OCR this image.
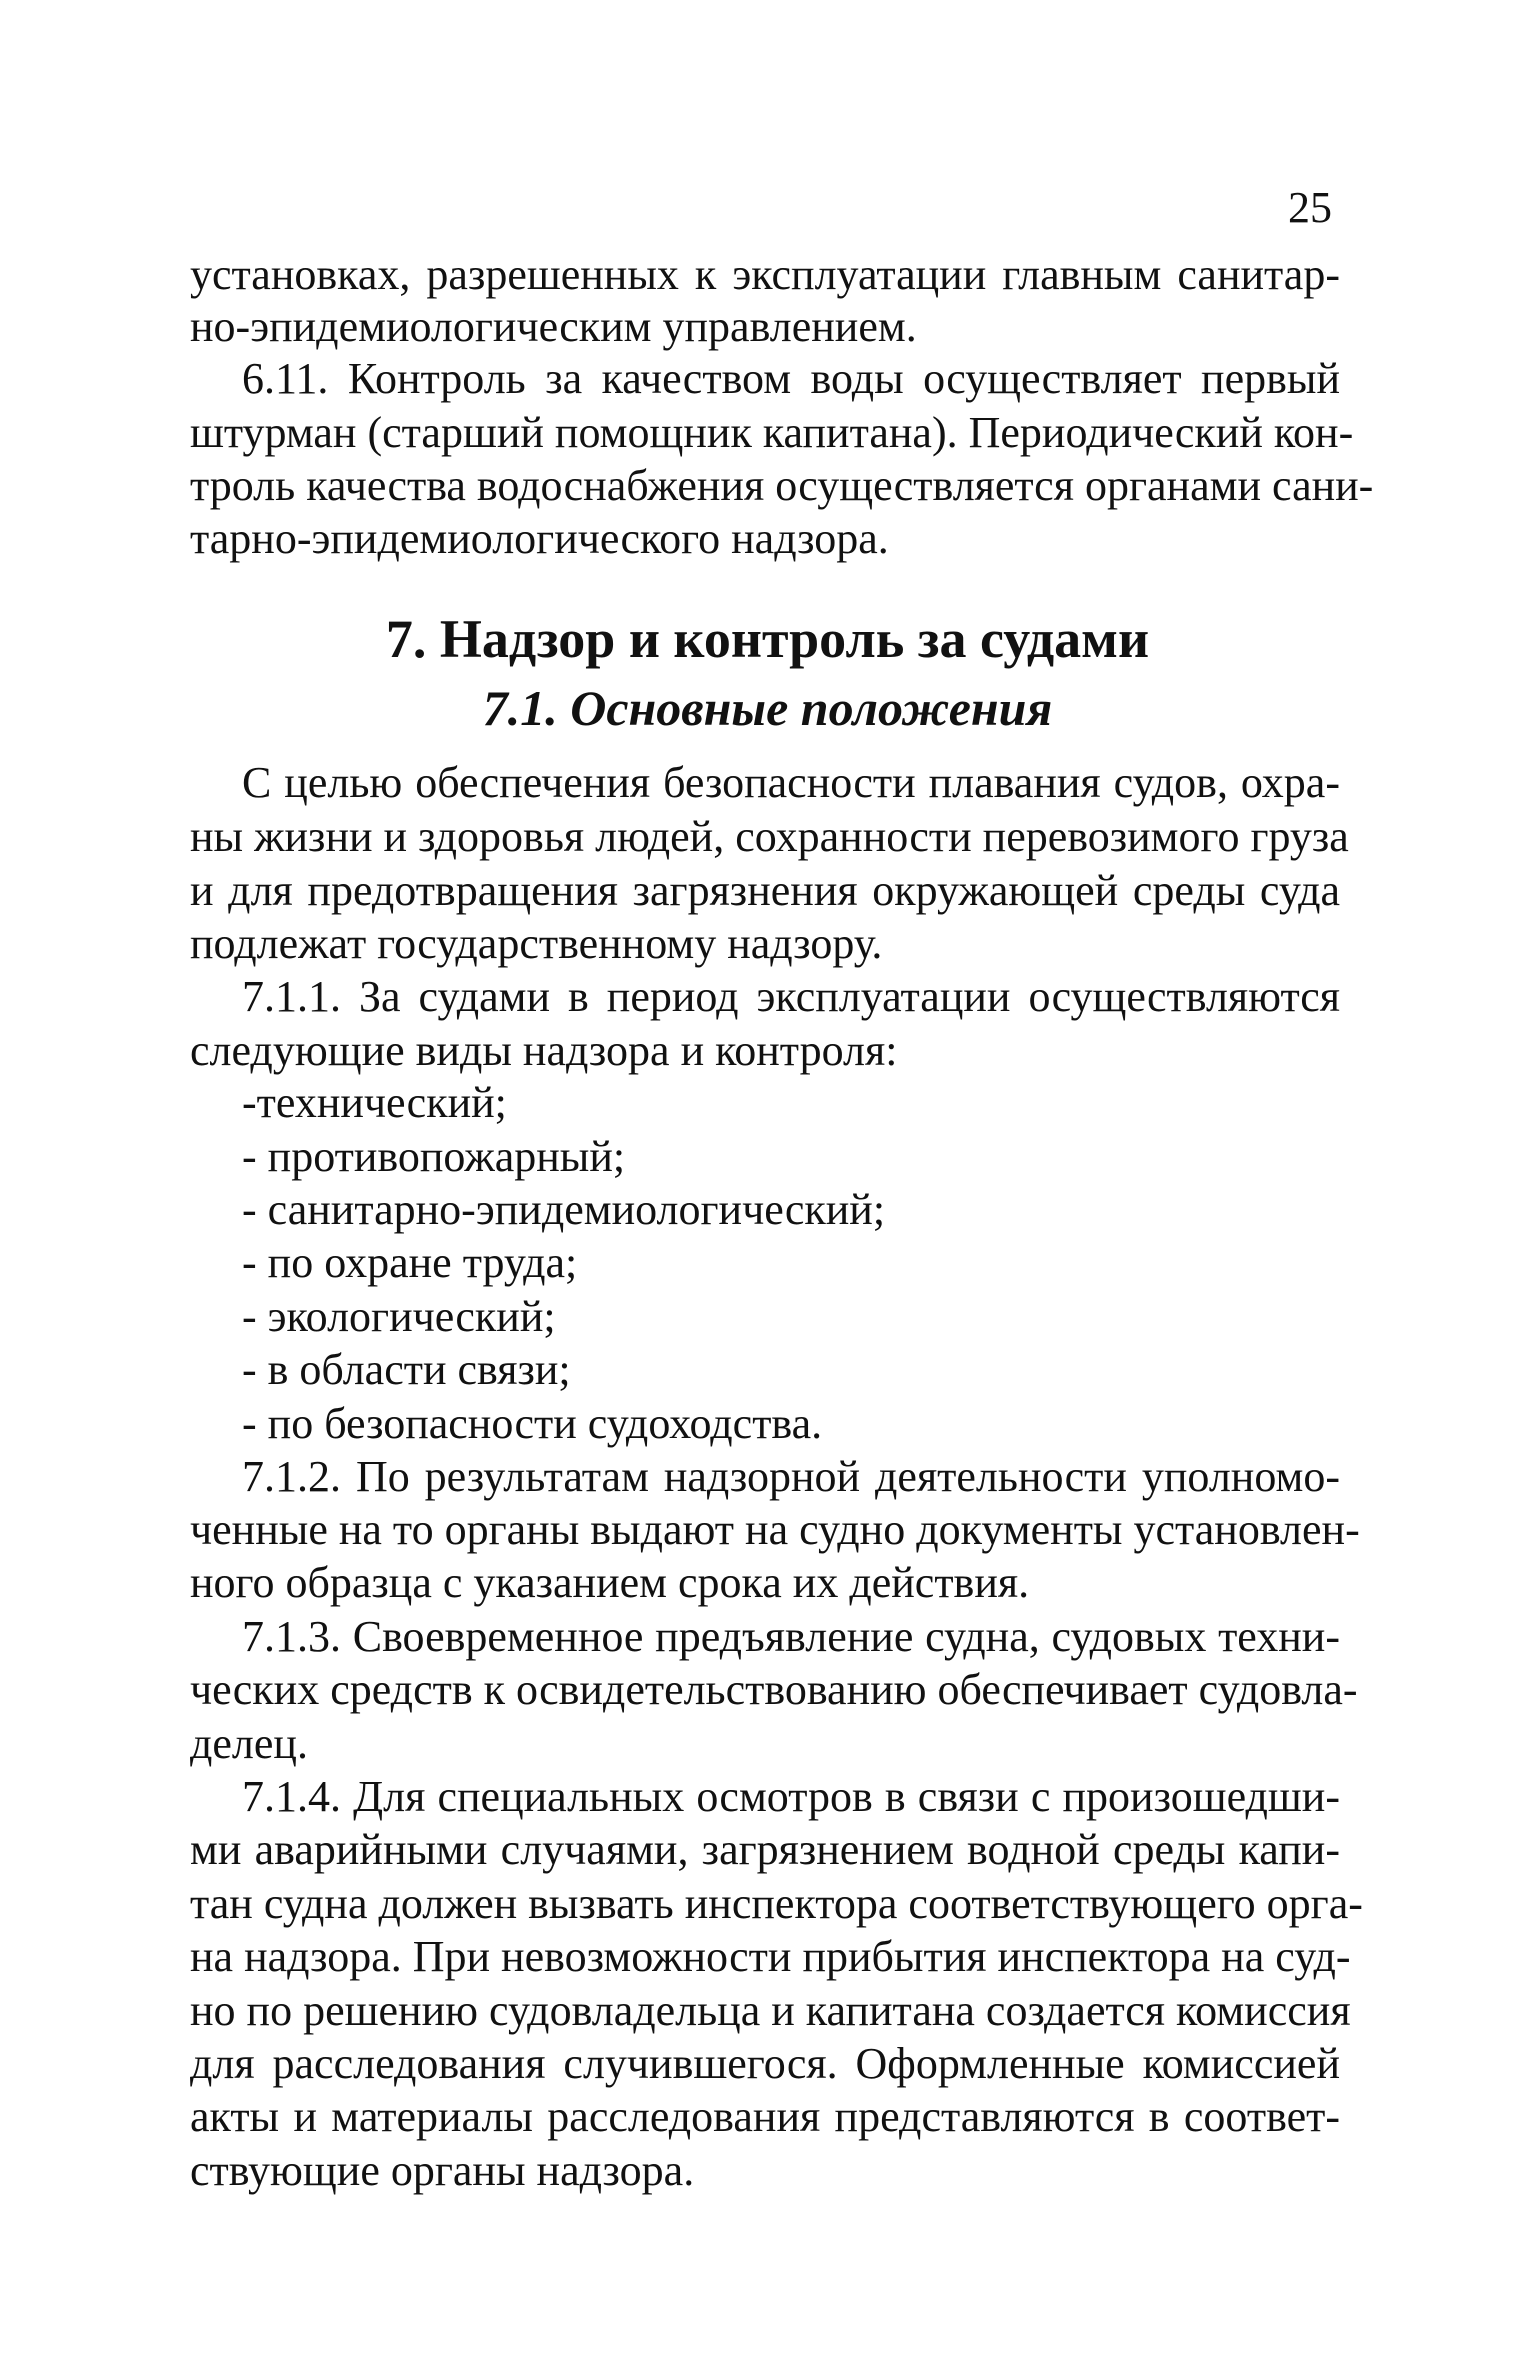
25
установках, разрешенных к эксплуатации главным санитар-
но-эпидемиологическим управлением.
6.11. Контроль за качеством воды осуществляет первый
штурман (старший помощник капитана). Периодический кон-
троль качества водоснабжения осуществляется органами сани-
тарно-эпидемиологического надзора.
7. Надзор и контроль за судами
7.1. Основные положения
С целью обеспечения безопасности плавания судов, охра-
ны жизни и здоровья людей, сохранности перевозимого груза
и для предотвращения загрязнения окружающей среды суда
подлежат государственному надзору.
7.1.1. За судами в период эксплуатации осуществляются
следующие виды надзора и контроля:
-технический;
- противопожарный;
- санитарно-эпидемиологический;
- по охране труда;
- экологический;
- в области связи;
- по безопасности судоходства.
7.1.2. По результатам надзорной деятельности уполномо-
ченные на то органы выдают на судно документы установлен-
ного образца с указанием срока их действия.
7.1.3. Своевременное предъявление судна, судовых техни-
ческих средств к освидетельствованию обеспечивает судовла-
делец.
7.1.4. Для специальных осмотров в связи с произошедши-
ми аварийными случаями, загрязнением водной среды капи-
тан судна должен вызвать инспектора соответствующего орга-
на надзора. При невозможности прибытия инспектора на суд-
но по решению судовладельца и капитана создается комиссия
для расследования случившегося. Оформленные комиссией
акты и материалы расследования представляются в соответ-
ствующие органы надзора.
